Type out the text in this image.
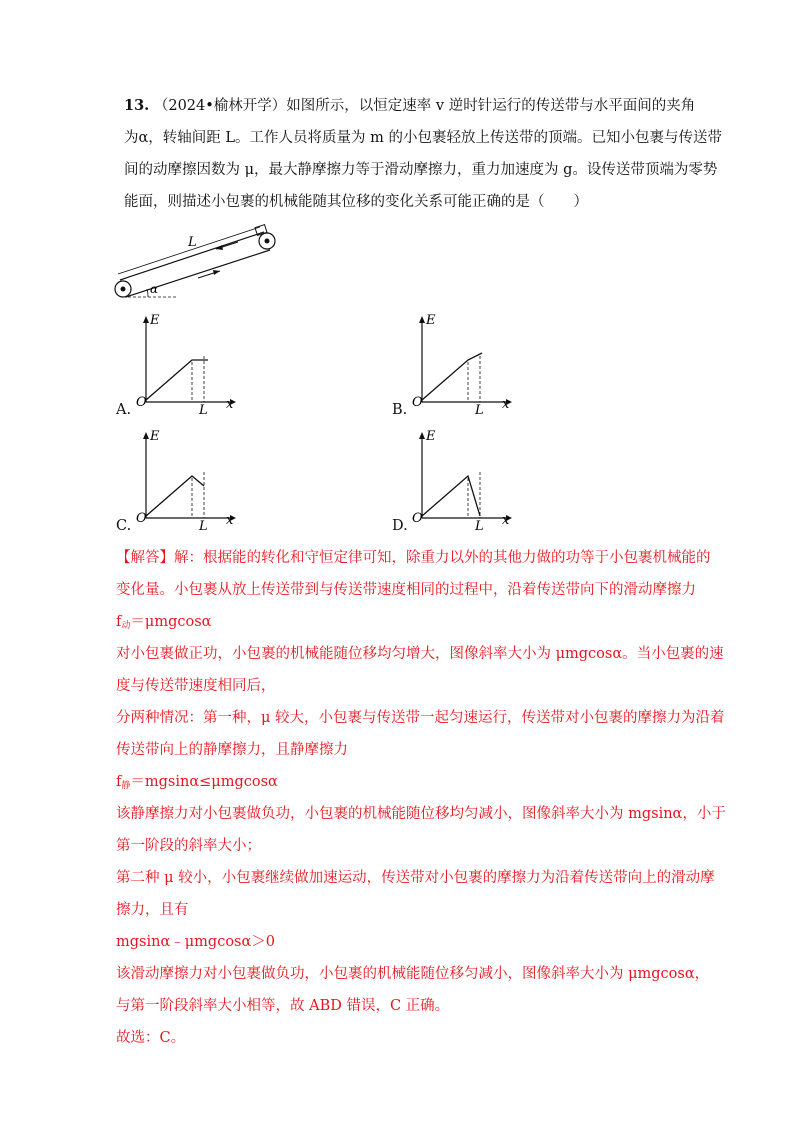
13. （2024•榆林开学）如图所示，以恒定速率 v 逆时针运行的传送带与水平面间的夹角
为α，转轴间距 L。工作人员将质量为 m 的小包裹轻放上传送带的顶端。已知小包裹与传送带
间的动摩擦因数为 μ，最大静摩擦力等于滑动摩擦力，重力加速度为 g。设传送带顶端为零势
能面，则描述小包裹的机械能随其位移的变化关系可能正确的是（　　）
α
L
A.	B.
C.	D.
O
E
x
L
O
E
x
L
O
E
x
L
O
E
x
L
【解答】解：根据能的转化和守恒定律可知，除重力以外的其他力做的功等于小包裹机械能的
变化量。小包裹从放上传送带到与传送带速度相同的过程中，沿着传送带向下的滑动摩擦力
$f_动=\mu mgcos\alpha$
对小包裹做正功，小包裹的机械能随位移均匀增大，图像斜率大小为 μmgcosα。当小包裹的速
度与传送带速度相同后，
分两种情况：第一种，μ 较大，小包裹与传送带一起匀速运行，传送带对小包裹的摩擦力为沿着
传送带向上的静摩擦力，且静摩擦力
$f_静=mgsin\alpha\le\mu mgcos\alpha$
该静摩擦力对小包裹做负功，小包裹的机械能随位移均匀减小，图像斜率大小为 mgsinα，小于
第一阶段的斜率大小；
第二种 μ 较小，小包裹继续做加速运动，传送带对小包裹的摩擦力为沿着传送带向上的滑动摩
擦力，且有
mgsinα﹣μmgcosα＞0
该滑动摩擦力对小包裹做负功，小包裹的机械能随位移匀减小，图像斜率大小为 μmgcosα，
与第一阶段斜率大小相等，故 ABD 错误，C 正确。
故选：C。
